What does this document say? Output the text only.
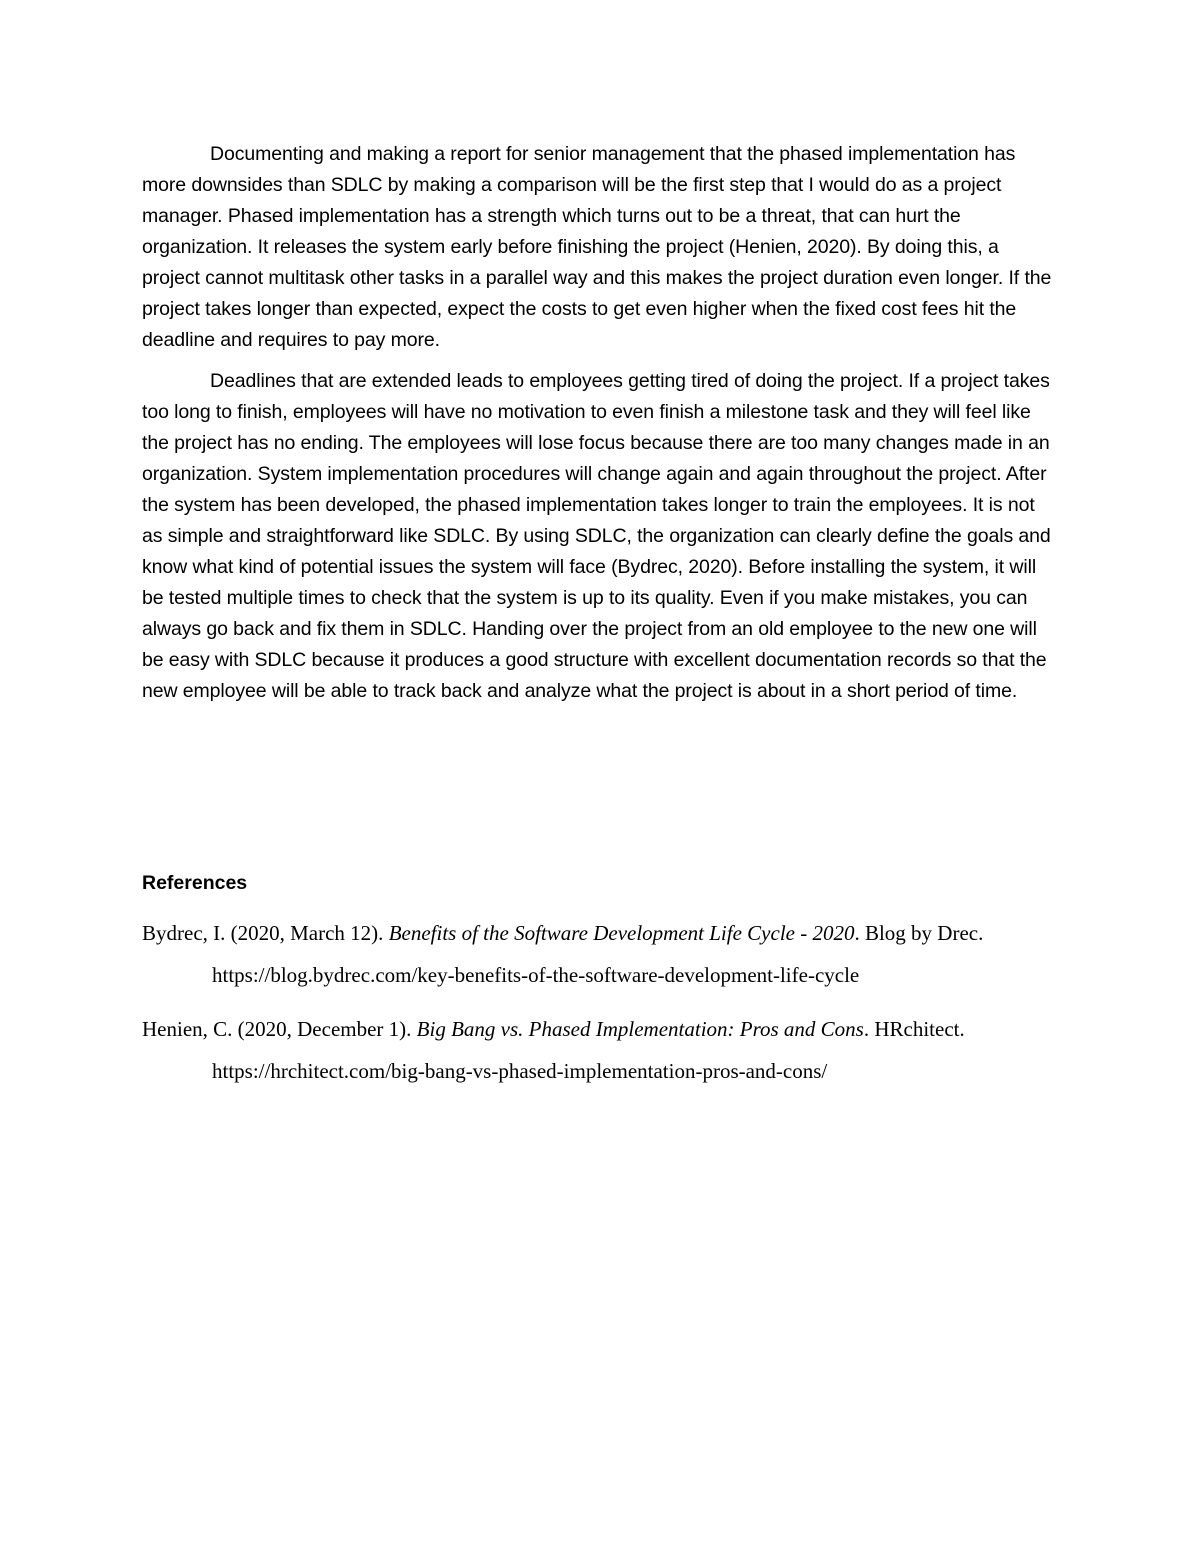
Documenting and making a report for senior management that the phased implementation has more downsides than SDLC by making a comparison will be the first step that I would do as a project manager. Phased implementation has a strength which turns out to be a threat, that can hurt the organization. It releases the system early before finishing the project (Henien, 2020). By doing this, a project cannot multitask other tasks in a parallel way and this makes the project duration even longer. If the project takes longer than expected, expect the costs to get even higher when the fixed cost fees hit the deadline and requires to pay more.

Deadlines that are extended leads to employees getting tired of doing the project. If a project takes too long to finish, employees will have no motivation to even finish a milestone task and they will feel like the project has no ending. The employees will lose focus because there are too many changes made in an organization. System implementation procedures will change again and again throughout the project. After the system has been developed, the phased implementation takes longer to train the employees. It is not as simple and straightforward like SDLC. By using SDLC, the organization can clearly define the goals and know what kind of potential issues the system will face (Bydrec, 2020). Before installing the system, it will be tested multiple times to check that the system is up to its quality. Even if you make mistakes, you can always go back and fix them in SDLC. Handing over the project from an old employee to the new one will be easy with SDLC because it produces a good structure with excellent documentation records so that the new employee will be able to track back and analyze what the project is about in a short period of time.

References

Bydrec, I. (2020, March 12). Benefits of the Software Development Life Cycle - 2020. Blog by Drec. https://blog.bydrec.com/key-benefits-of-the-software-development-life-cycle

Henien, C. (2020, December 1). Big Bang vs. Phased Implementation: Pros and Cons. HRchitect. https://hrchitect.com/big-bang-vs-phased-implementation-pros-and-cons/
